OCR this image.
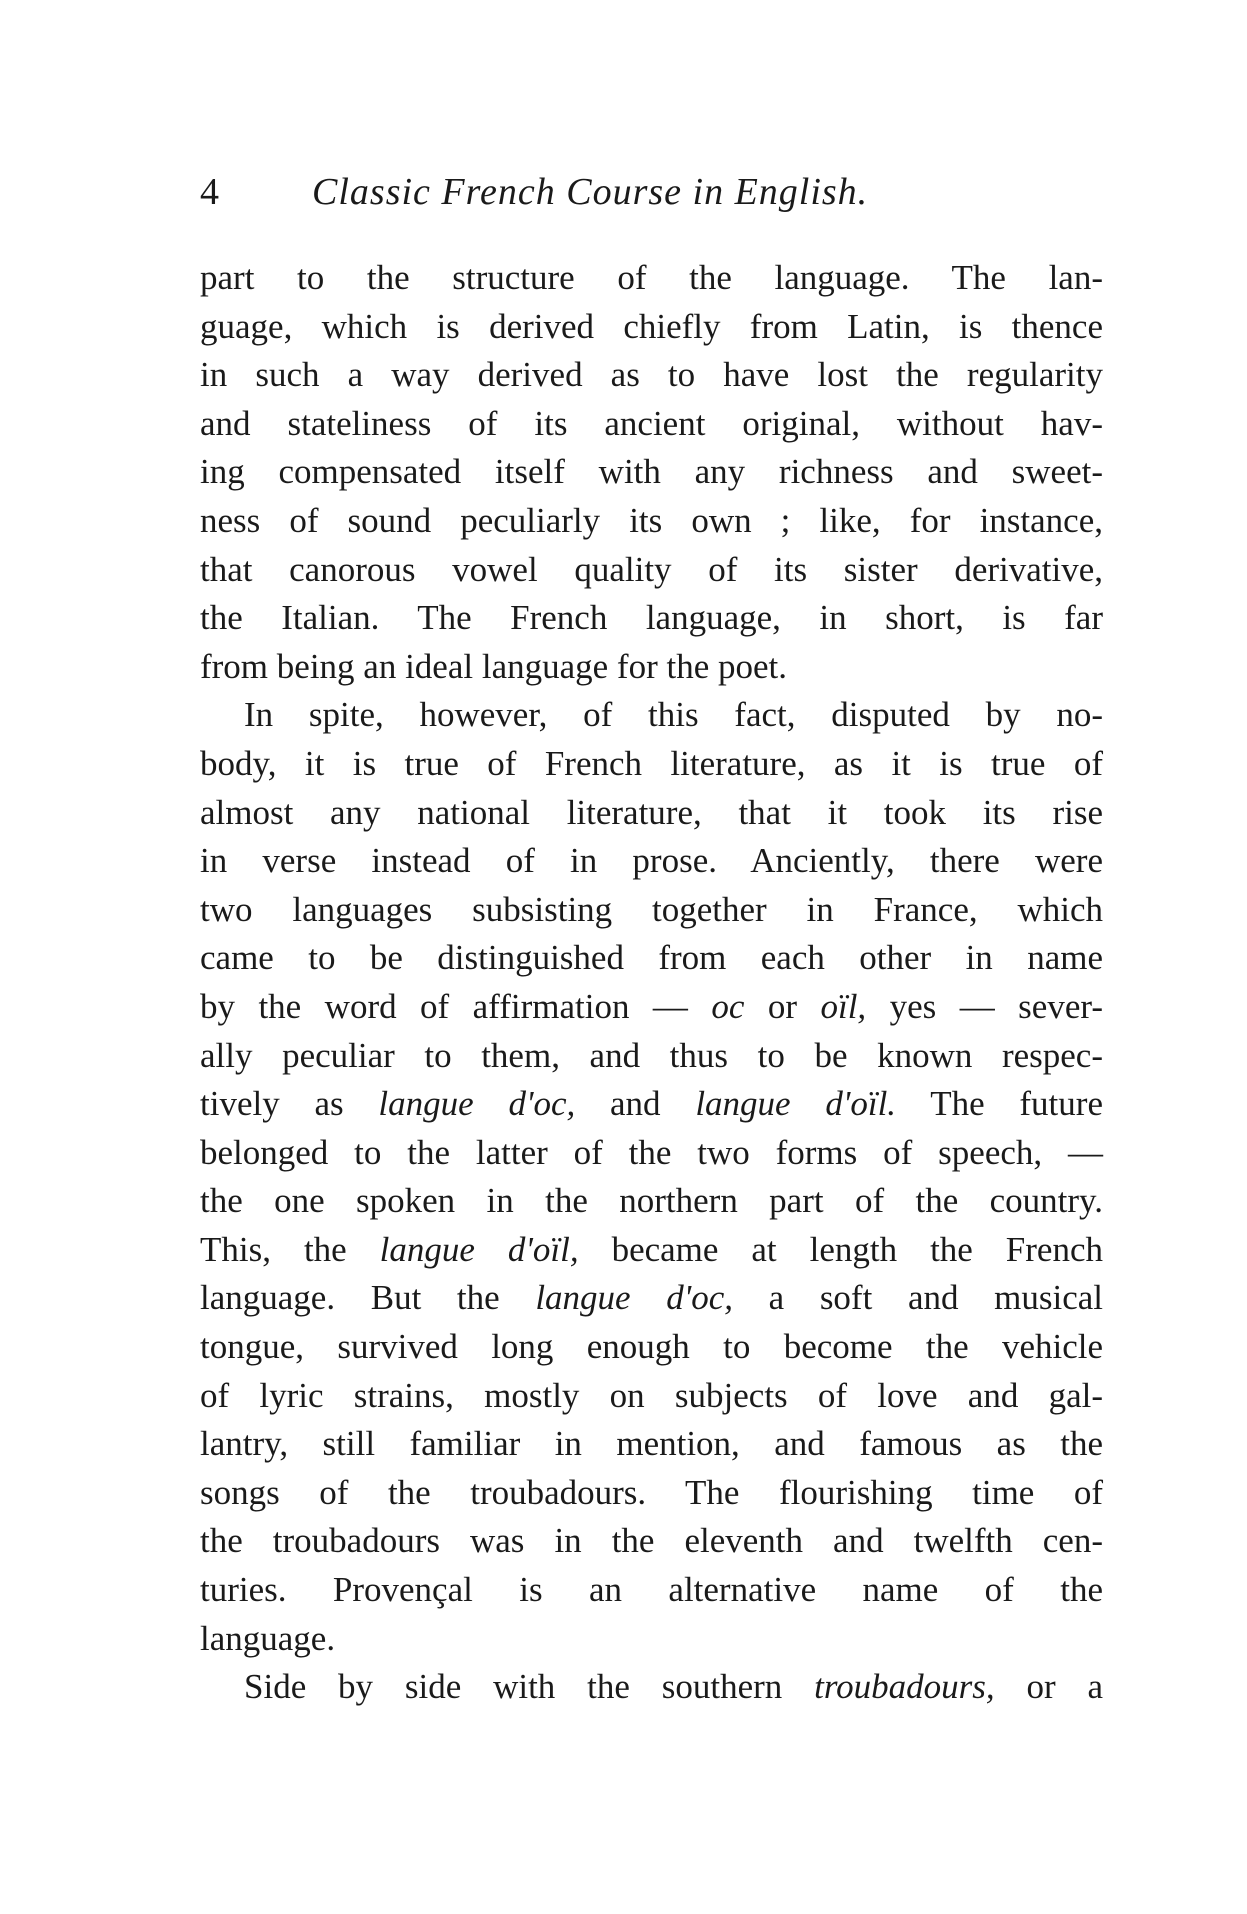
4 Classic French Course in English.
part to the structure of the language. The lan-
guage, which is derived chiefly from Latin, is thence
in such a way derived as to have lost the regularity
and stateliness of its ancient original, without hav-
ing compensated itself with any richness and sweet-
ness of sound peculiarly its own ; like, for instance,
that canorous vowel quality of its sister derivative,
the Italian. The French language, in short, is far
from being an ideal language for the poet.
In spite, however, of this fact, disputed by no-
body, it is true of French literature, as it is true of
almost any national literature, that it took its rise
in verse instead of in prose. Anciently, there were
two languages subsisting together in France, which
came to be distinguished from each other in name
by the word of affirmation — oc or oïl, yes — sever-
ally peculiar to them, and thus to be known respec-
tively as langue d'oc, and langue d'oïl. The future
belonged to the latter of the two forms of speech, —
the one spoken in the northern part of the country.
This, the langue d'oïl, became at length the French
language. But the langue d'oc, a soft and musical
tongue, survived long enough to become the vehicle
of lyric strains, mostly on subjects of love and gal-
lantry, still familiar in mention, and famous as the
songs of the troubadours. The flourishing time of
the troubadours was in the eleventh and twelfth cen-
turies. Provençal is an alternative name of the
language.
Side by side with the southern troubadours, or a
